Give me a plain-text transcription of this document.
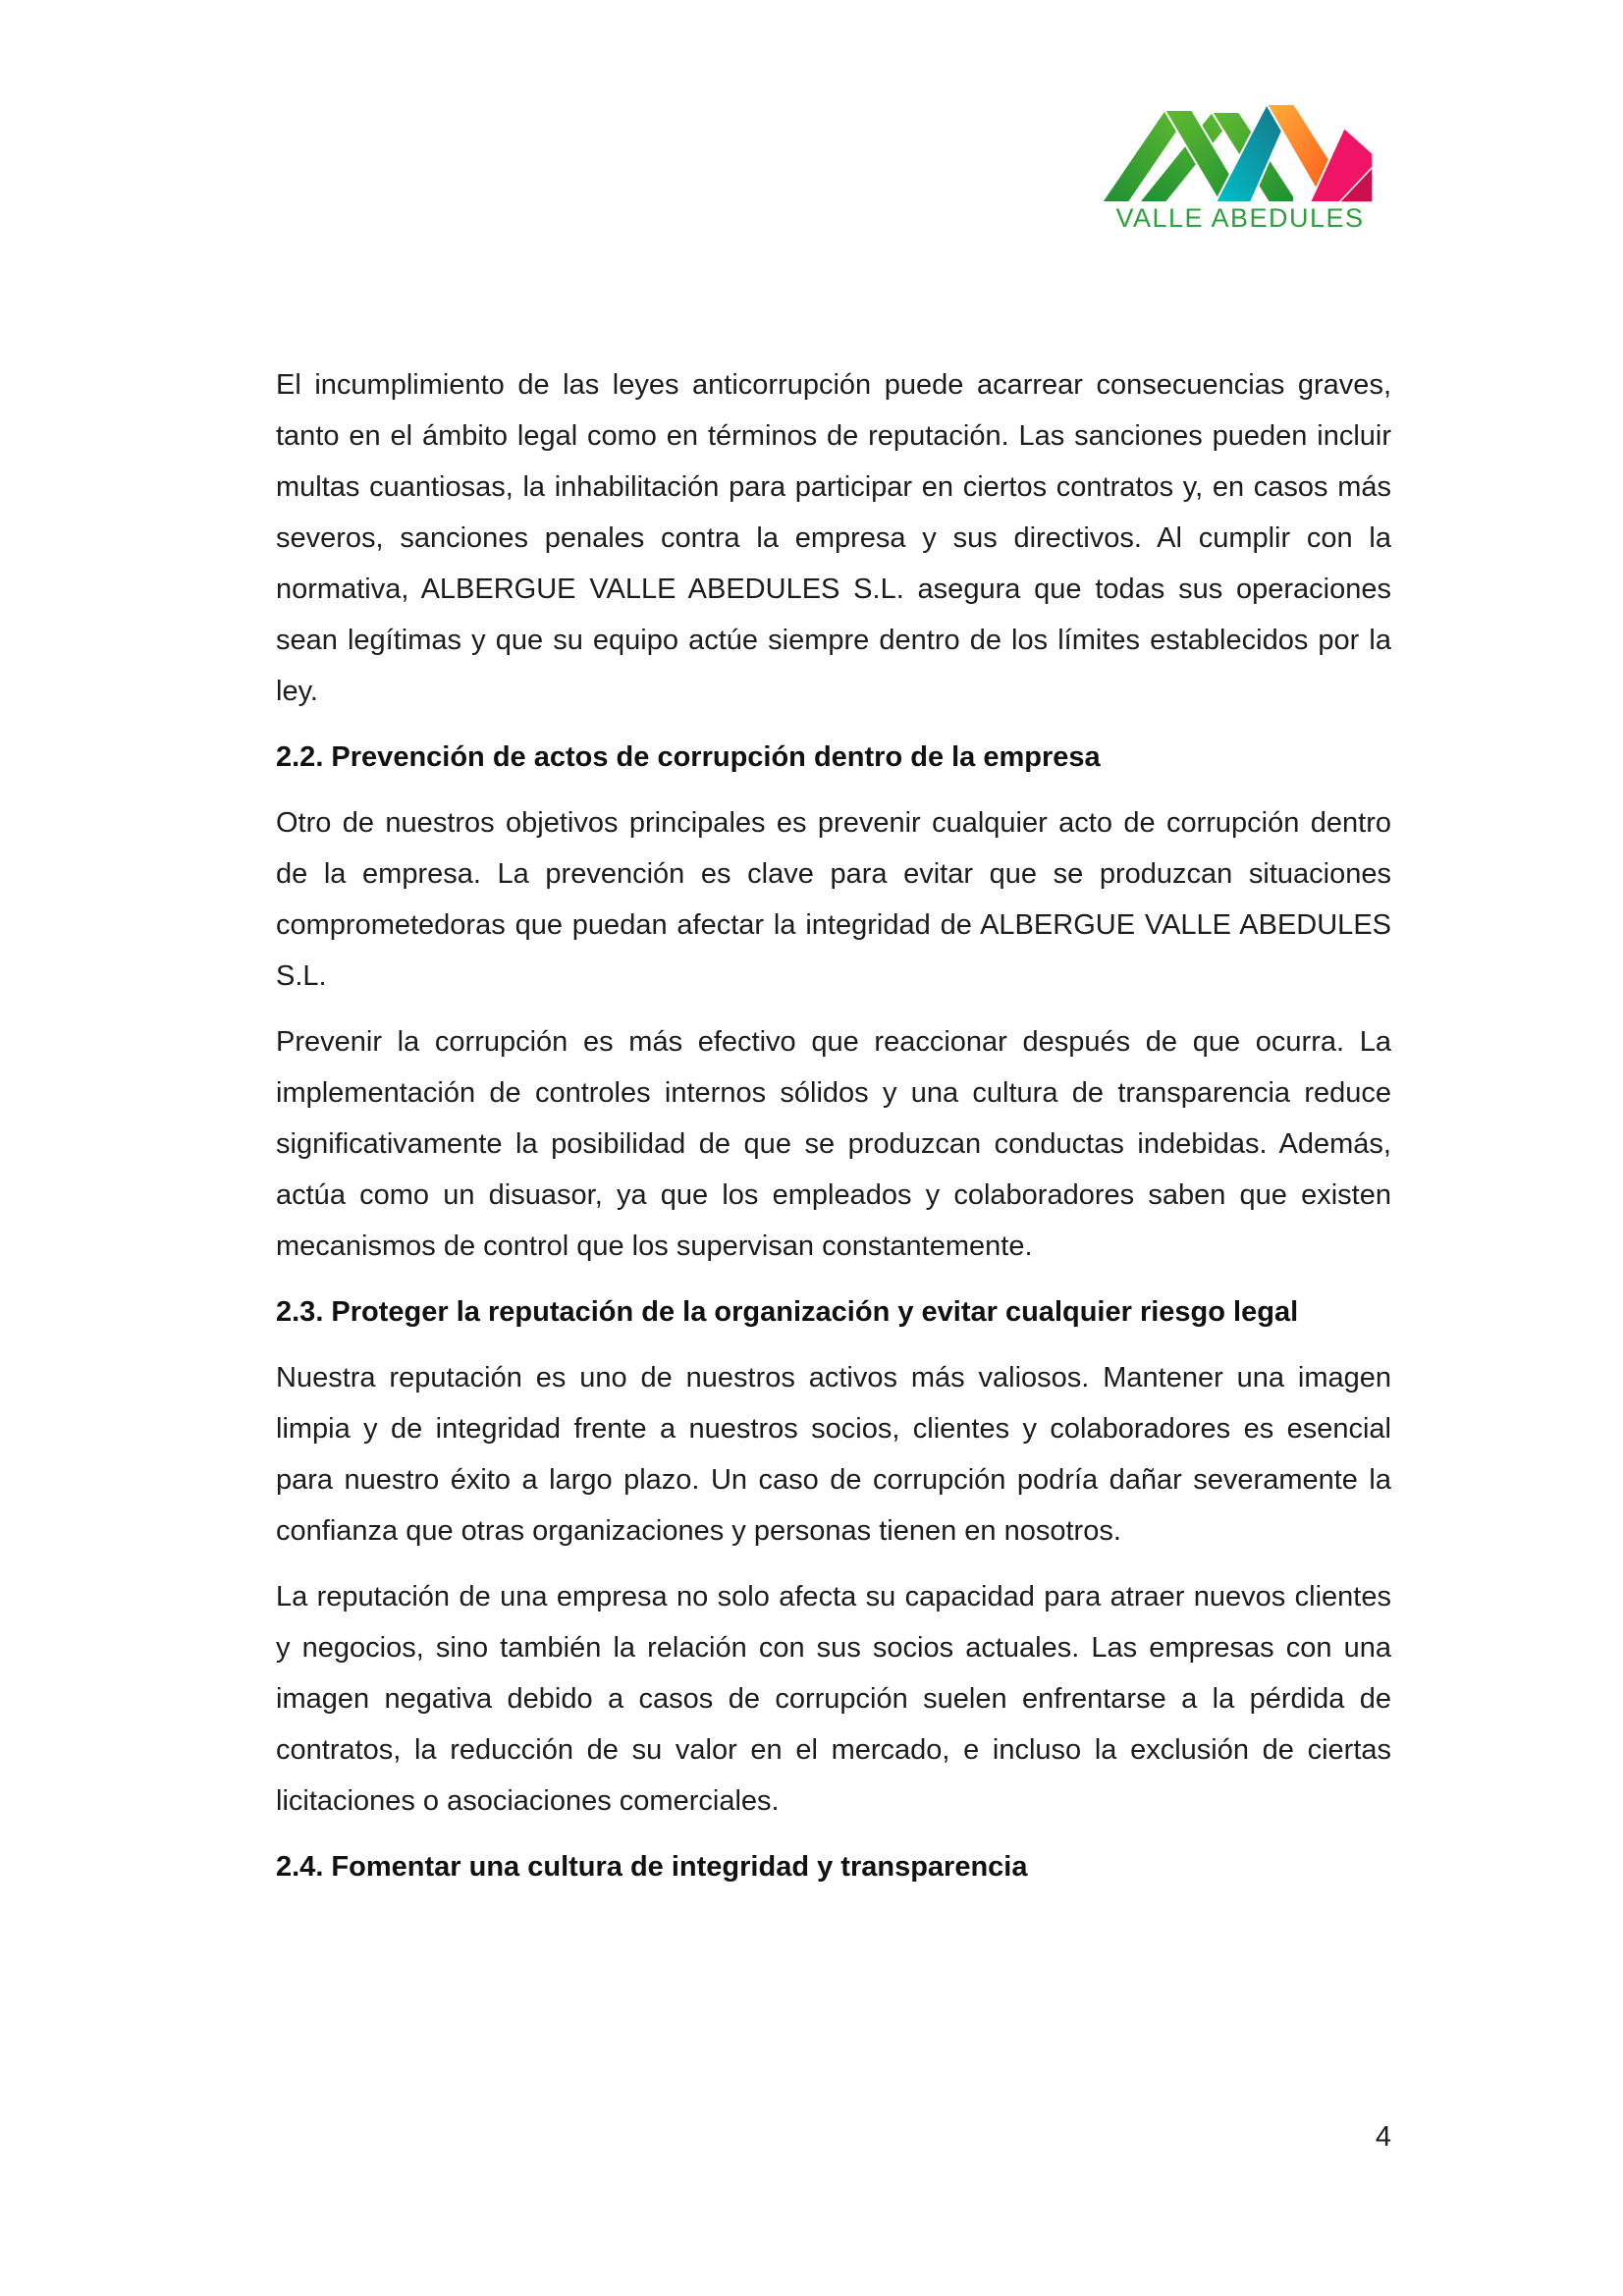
VALLE ABEDULES

El incumplimiento de las leyes anticorrupción puede acarrear consecuencias graves, tanto en el ámbito legal como en términos de reputación. Las sanciones pueden incluir multas cuantiosas, la inhabilitación para participar en ciertos contratos y, en casos más severos, sanciones penales contra la empresa y sus directivos. Al cumplir con la normativa, ALBERGUE VALLE ABEDULES S.L. asegura que todas sus operaciones sean legítimas y que su equipo actúe siempre dentro de los límites establecidos por la ley.

2.2. Prevención de actos de corrupción dentro de la empresa

Otro de nuestros objetivos principales es prevenir cualquier acto de corrupción dentro de la empresa. La prevención es clave para evitar que se produzcan situaciones comprometedoras que puedan afectar la integridad de ALBERGUE VALLE ABEDULES S.L.

Prevenir la corrupción es más efectivo que reaccionar después de que ocurra. La implementación de controles internos sólidos y una cultura de transparencia reduce significativamente la posibilidad de que se produzcan conductas indebidas. Además, actúa como un disuasor, ya que los empleados y colaboradores saben que existen mecanismos de control que los supervisan constantemente.

2.3. Proteger la reputación de la organización y evitar cualquier riesgo legal

Nuestra reputación es uno de nuestros activos más valiosos. Mantener una imagen limpia y de integridad frente a nuestros socios, clientes y colaboradores es esencial para nuestro éxito a largo plazo. Un caso de corrupción podría dañar severamente la confianza que otras organizaciones y personas tienen en nosotros.

La reputación de una empresa no solo afecta su capacidad para atraer nuevos clientes y negocios, sino también la relación con sus socios actuales. Las empresas con una imagen negativa debido a casos de corrupción suelen enfrentarse a la pérdida de contratos, la reducción de su valor en el mercado, e incluso la exclusión de ciertas licitaciones o asociaciones comerciales.

2.4. Fomentar una cultura de integridad y transparencia

4
